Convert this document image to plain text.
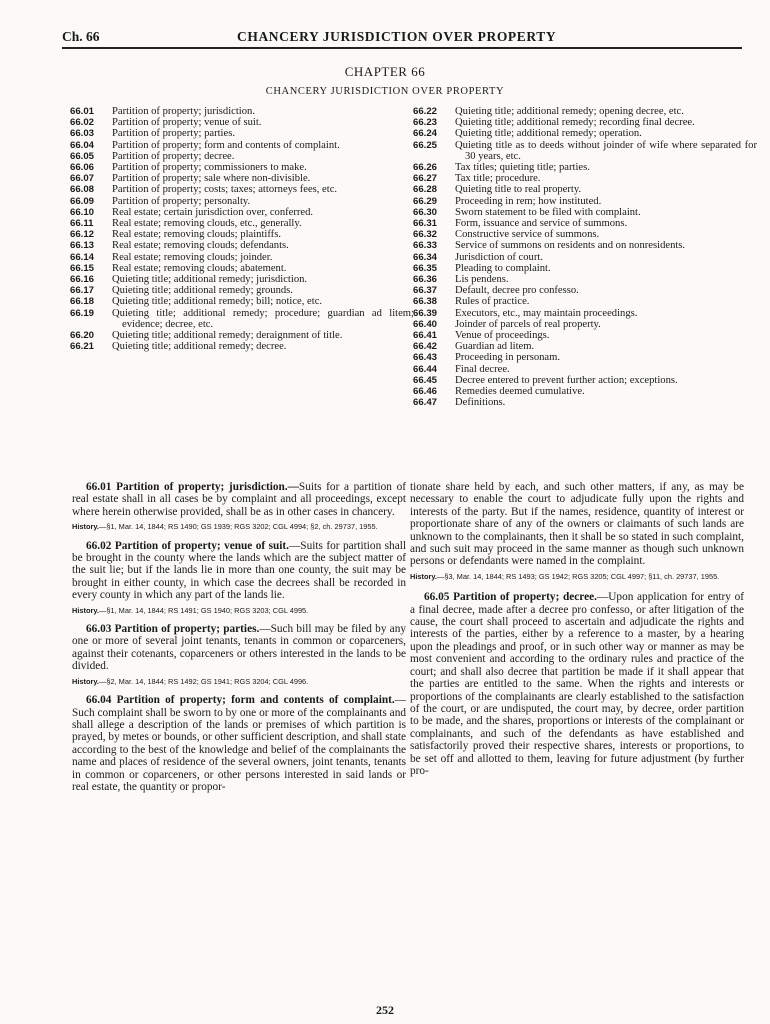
Ch. 66	CHANCERY JURISDICTION OVER PROPERTY
CHAPTER 66
CHANCERY JURISDICTION OVER PROPERTY
66.01	Partition of property; jurisdiction.
66.02	Partition of property; venue of suit.
66.03	Partition of property; parties.
66.04	Partition of property; form and contents of complaint.
66.05	Partition of property; decree.
66.06	Partition of property; commissioners to make.
66.07	Partition of property; sale where non-divisible.
66.08	Partition of property; costs; taxes; attorneys fees, etc.
66.09	Partition of property; personalty.
66.10	Real estate; certain jurisdiction over, conferred.
66.11	Real estate; removing clouds, etc., generally.
66.12	Real estate; removing clouds; plaintiffs.
66.13	Real estate; removing clouds; defendants.
66.14	Real estate; removing clouds; joinder.
66.15	Real estate; removing clouds; abatement.
66.16	Quieting title; additional remedy; jurisdiction.
66.17	Quieting title; additional remedy; grounds.
66.18	Quieting title; additional remedy; bill; notice, etc.
66.19	Quieting title; additional remedy; procedure; guardian ad litem; evidence; decree, etc.
66.20	Quieting title; additional remedy; deraignment of title.
66.21	Quieting title; additional remedy; decree.
66.22	Quieting title; additional remedy; opening decree, etc.
66.23	Quieting title; additional remedy; recording final decree.
66.24	Quieting title; additional remedy; operation.
66.25	Quieting title as to deeds without joinder of wife where separated for 30 years, etc.
66.26	Tax titles; quieting title; parties.
66.27	Tax title; procedure.
66.28	Quieting title to real property.
66.29	Proceeding in rem; how instituted.
66.30	Sworn statement to be filed with complaint.
66.31	Form, issuance and service of summons.
66.32	Constructive service of summons.
66.33	Service of summons on residents and on nonresidents.
66.34	Jurisdiction of court.
66.35	Pleading to complaint.
66.36	Lis pendens.
66.37	Default, decree pro confesso.
66.38	Rules of practice.
66.39	Executors, etc., may maintain proceedings.
66.40	Joinder of parcels of real property.
66.41	Venue of proceedings.
66.42	Guardian ad litem.
66.43	Proceeding in personam.
66.44	Final decree.
66.45	Decree entered to prevent further action; exceptions.
66.46	Remedies deemed cumulative.
66.47	Definitions.

66.01 Partition of property; jurisdiction.—Suits for a partition of real estate shall in all cases be by complaint and all proceedings, except where herein otherwise provided, shall be as in other cases in chancery.

History.—§1, Mar. 14, 1844; RS 1490; GS 1939; RGS 3202; CGL 4994; §2, ch. 29737, 1955.

66.02 Partition of property; venue of suit.—Suits for partition shall be brought in the county where the lands which are the subject matter of the suit lie; but if the lands lie in more than one county, the suit may be brought in either county, in which case the decrees shall be recorded in every county in which any part of the lands lie.

History.—§1, Mar. 14, 1844; RS 1491; GS 1940; RGS 3203; CGL 4995.

66.03 Partition of property; parties.—Such bill may be filed by any one or more of several joint tenants, tenants in common or coparceners, against their cotenants, coparceners or others interested in the lands to be divided.

History.—§2, Mar. 14, 1844; RS 1492; GS 1941; RGS 3204; CGL 4996.

66.04 Partition of property; form and contents of complaint.—Such complaint shall be sworn to by one or more of the complainants and shall allege a description of the lands or premises of which partition is prayed, by metes or bounds, or other sufficient description, and shall state according to the best of the knowledge and belief of the complainants the name and places of residence of the several owners, joint tenants, tenants in common or coparceners, or other persons interested in said lands or real estate, the quantity or propor-

tionate share held by each, and such other matters, if any, as may be necessary to enable the court to adjudicate fully upon the rights and interests of the party. But if the names, residence, quantity of interest or proportionate share of any of the owners or claimants of such lands are unknown to the complainants, then it shall be so stated in such complaint, and such suit may proceed in the same manner as though such unknown persons or defendants were named in the complaint.

History.—§3, Mar. 14, 1844; RS 1493; GS 1942; RGS 3205; CGL 4997; §11, ch. 29737, 1955.

66.05 Partition of property; decree.—Upon application for entry of a final decree, made after a decree pro confesso, or after litigation of the cause, the court shall proceed to ascertain and adjudicate the rights and interests of the parties, either by a reference to a master, by a hearing upon the pleadings and proof, or in such other way or manner as may be most convenient and according to the ordinary rules and practice of the court; and shall also decree that partition be made if it shall appear that the parties are entitled to the same. When the rights and interests or proportions of the complainants are clearly established to the satisfaction of the court, or are undisputed, the court may, by decree, order partition to be made, and the shares, proportions or interests of the complainant or complainants, and such of the defendants as have established and satisfactorily proved their respective shares, interests or proportions, to be set off and allotted to them, leaving for future adjustment (by further pro-

252
